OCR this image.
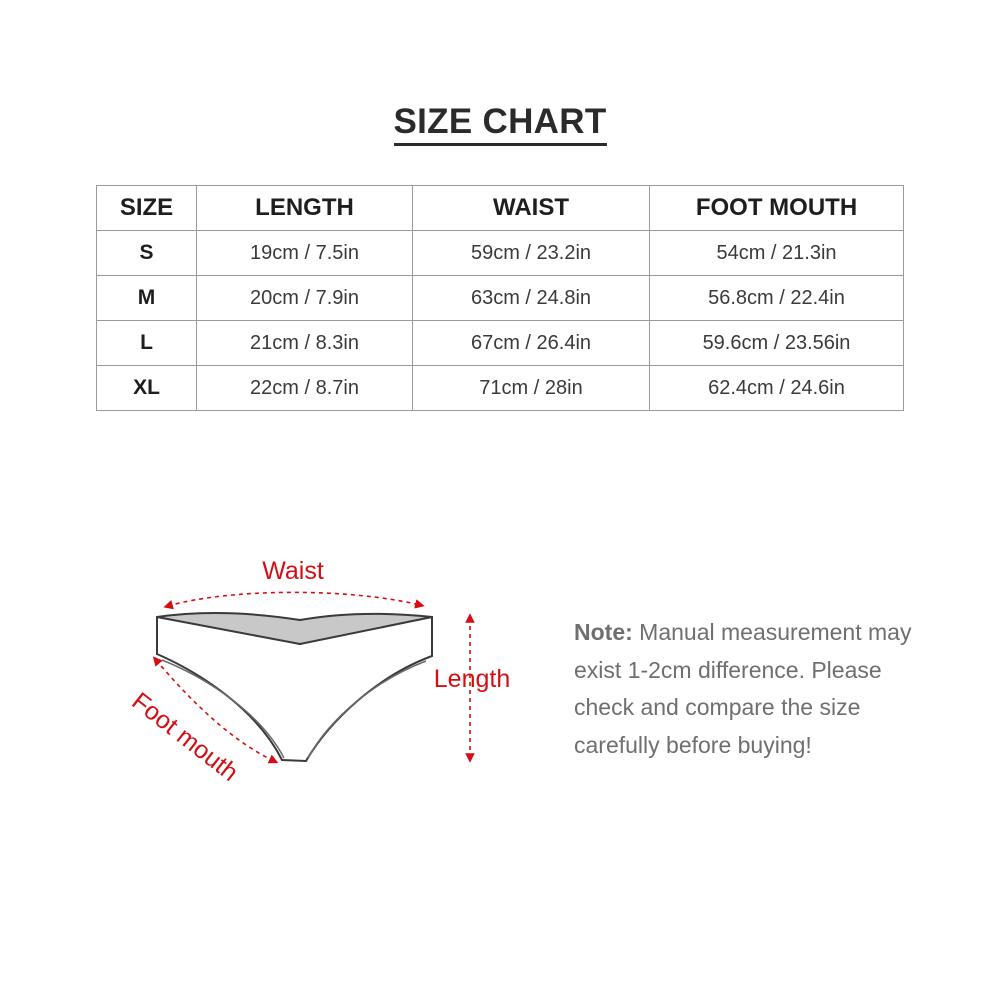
SIZE CHART
SIZE	LENGTH	WAIST	FOOT MOUTH
S	19cm / 7.5in	59cm / 23.2in	54cm / 21.3in
M	20cm / 7.9in	63cm / 24.8in	56.8cm / 22.4in
L	21cm / 8.3in	67cm / 26.4in	59.6cm / 23.56in
XL	22cm / 8.7in	71cm / 28in	62.4cm / 24.6in
Waist
Length
Foot mouth
Note: Manual measurement may exist 1-2cm difference. Please check and compare the size carefully before buying!
